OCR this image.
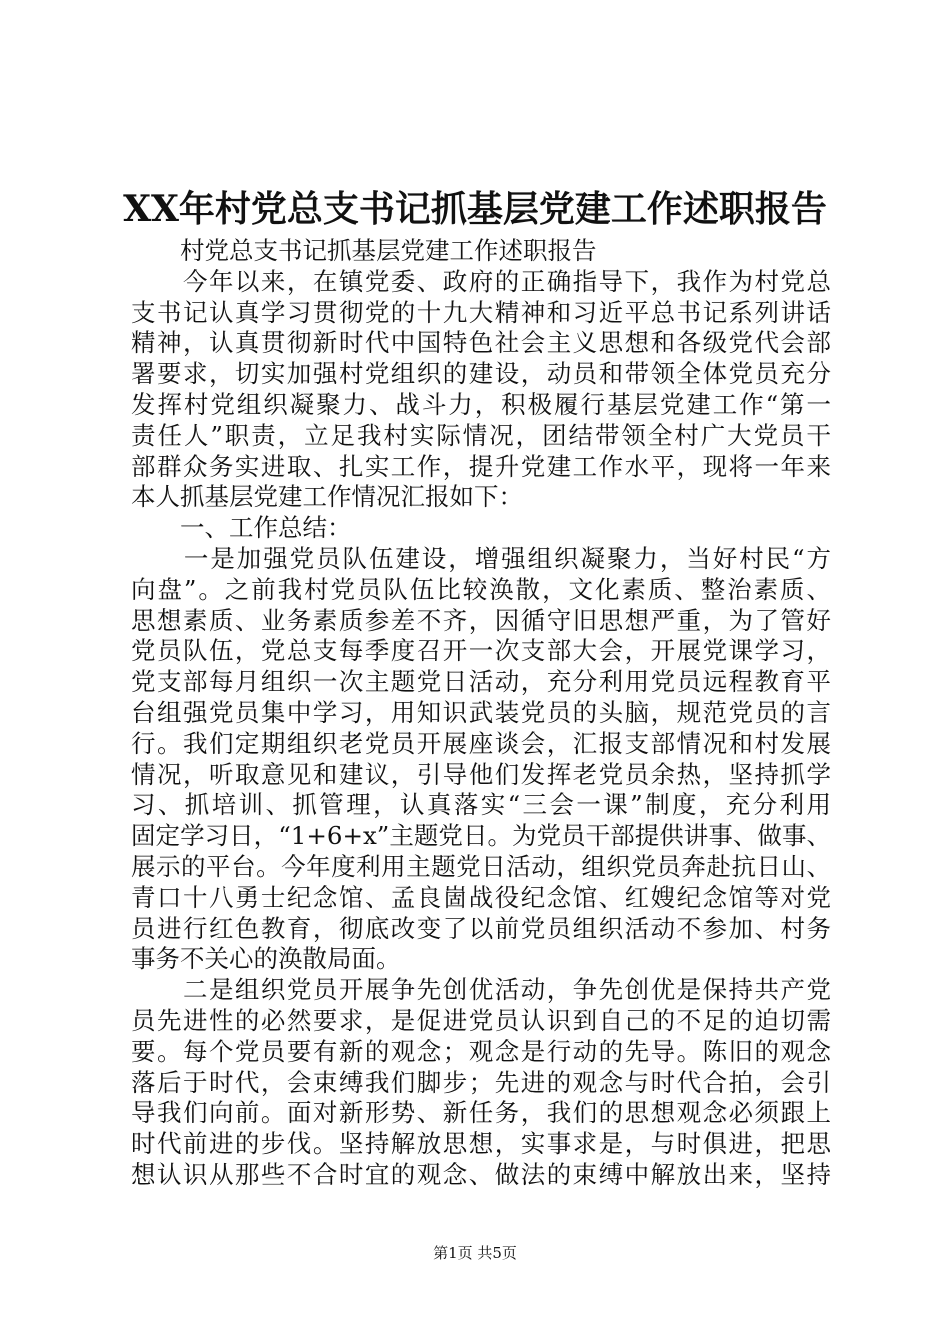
XX年村党总支书记抓基层党建工作述职报告
　　村党总支书记抓基层党建工作述职报告
　　今年以来，在镇党委、政府的正确指导下，我作为村党总
支书记认真学习贯彻党的十九大精神和习近平总书记系列讲话
精神，认真贯彻新时代中国特色社会主义思想和各级党代会部
署要求，切实加强村党组织的建设，动员和带领全体党员充分
发挥村党组织凝聚力、战斗力，积极履行基层党建工作“第一
责任人”职责，立足我村实际情况，团结带领全村广大党员干
部群众务实进取、扎实工作，提升党建工作水平，现将一年来
本人抓基层党建工作情况汇报如下：
　　一、工作总结：
　　一是加强党员队伍建设，增强组织凝聚力，当好村民“方
向盘”。之前我村党员队伍比较涣散，文化素质、整治素质、
思想素质、业务素质参差不齐，因循守旧思想严重，为了管好
党员队伍，党总支每季度召开一次支部大会，开展党课学习，
党支部每月组织一次主题党日活动，充分利用党员远程教育平
台组强党员集中学习，用知识武装党员的头脑，规范党员的言
行。我们定期组织老党员开展座谈会，汇报支部情况和村发展
情况，听取意见和建议，引导他们发挥老党员余热，坚持抓学
习、抓培训、抓管理，认真落实“三会一课”制度，充分利用
固定学习日，“1+6+x”主题党日。为党员干部提供讲事、做事、
展示的平台。今年度利用主题党日活动，组织党员奔赴抗日山、
青口十八勇士纪念馆、孟良崮战役纪念馆、红嫂纪念馆等对党
员进行红色教育，彻底改变了以前党员组织活动不参加、村务
事务不关心的涣散局面。
　　二是组织党员开展争先创优活动，争先创优是保持共产党
员先进性的必然要求，是促进党员认识到自己的不足的迫切需
要。每个党员要有新的观念；观念是行动的先导。陈旧的观念
落后于时代，会束缚我们脚步；先进的观念与时代合拍，会引
导我们向前。面对新形势、新任务，我们的思想观念必须跟上
时代前进的步伐。坚持解放思想，实事求是，与时俱进，把思
想认识从那些不合时宜的观念、做法的束缚中解放出来，坚持
第1页 共5页
